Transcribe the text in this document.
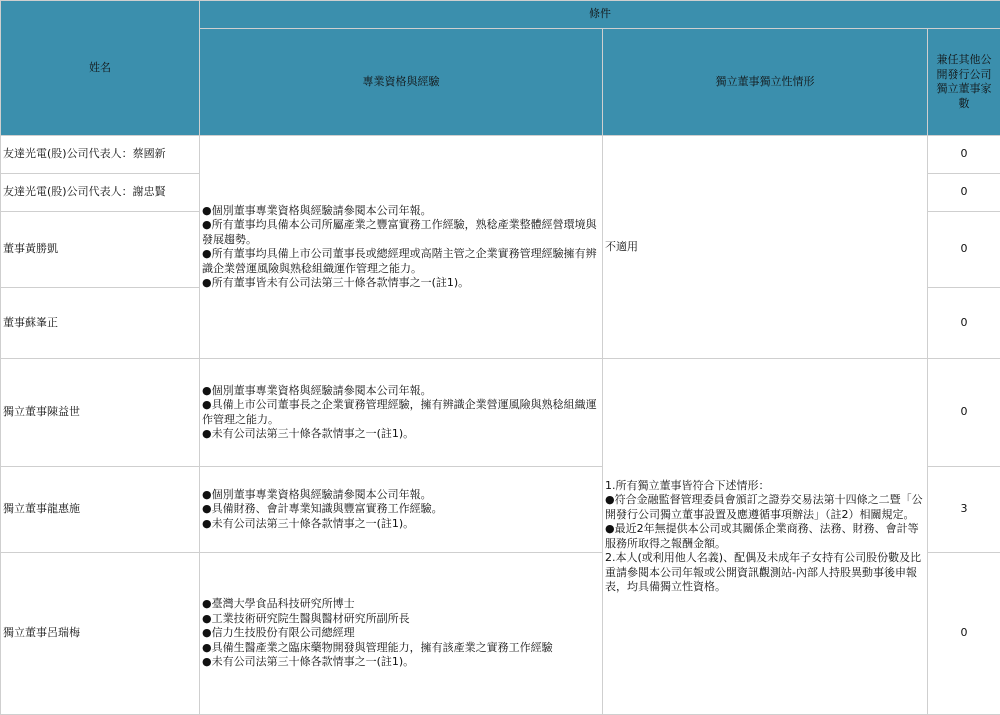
姓名	條件		
	專業資格與經驗	獨立董事獨立性情形	兼任其他公開發行公司獨立董事家數
友達光電(股)公司代表人：蔡國新	●個別董事專業資格與經驗請參閱本公司年報。
●所有董事均具備本公司所屬產業之豐富實務工作經驗，熟稔產業整體經營環境與發展趨勢。
●所有董事均具備上市公司董事長或總經理或高階主管之企業實務管理經驗擁有辨識企業營運風險與熟稔組織運作管理之能力。
●所有董事皆未有公司法第三十條各款情事之一(註1)。	不適用	0
友達光電(股)公司代表人：謝忠賢			0
董事黃勝凱			0
董事蘇峯正			0
獨立董事陳益世	●個別董事專業資格與經驗請參閱本公司年報。
●具備上市公司董事長之企業實務管理經驗，擁有辨識企業營運風險與熟稔組織運作管理之能力。
●未有公司法第三十條各款情事之一(註1)。	1.所有獨立董事皆符合下述情形：
●符合金融監督管理委員會頒訂之證券交易法第十四條之二暨「公開發行公司獨立董事設置及應遵循事項辦法」（註2）相關規定。
●最近2年無提供本公司或其關係企業商務、法務、財務、會計等服務所取得之報酬金額。
2.本人(或利用他人名義)、配偶及未成年子女持有公司股份數及比重請參閱本公司年報或公開資訊觀測站-內部人持股異動事後申報表，均具備獨立性資格。	0
獨立董事龍惠施	●個別董事專業資格與經驗請參閱本公司年報。
●具備財務、會計專業知識與豐富實務工作經驗。
●未有公司法第三十條各款情事之一(註1)。		3
獨立董事呂瑞梅	●臺灣大學食品科技研究所博士
●工業技術研究院生醫與醫材研究所副所長
●信力生技股份有限公司總經理
●具備生醫產業之臨床藥物開發與管理能力，擁有該產業之實務工作經驗
●未有公司法第三十條各款情事之一(註1)。		0
